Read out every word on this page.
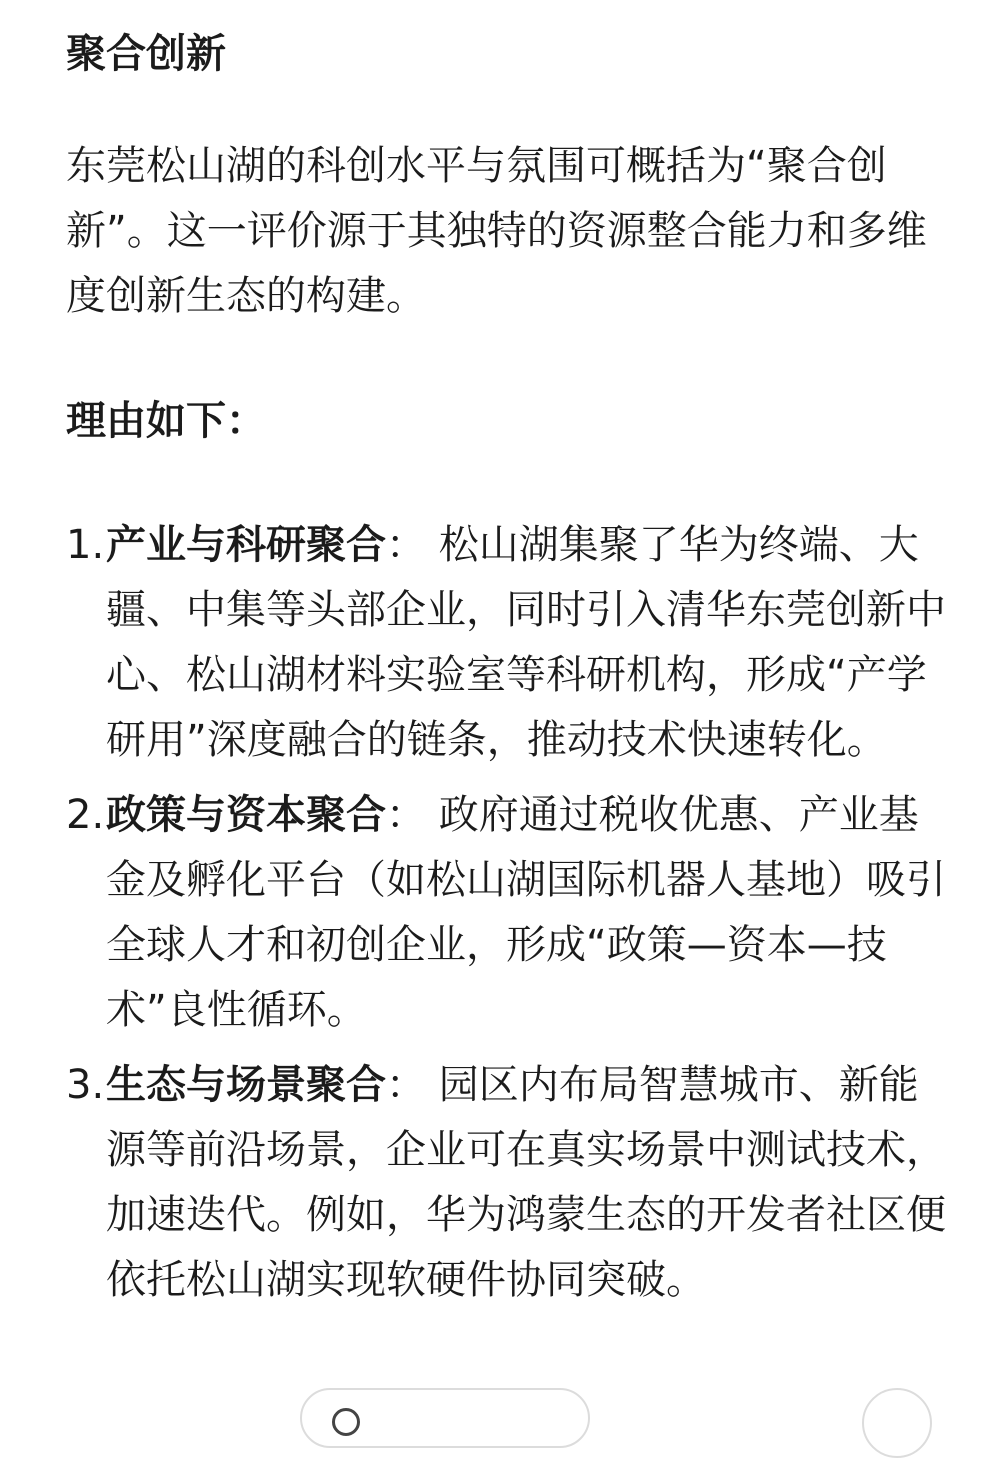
聚合创新

东莞松山湖的科创水平与氛围可概括为“聚合创新”。这一评价源于其独特的资源整合能力和多维度创新生态的构建。

理由如下：
1. 产业与科研聚合： 松山湖集聚了华为终端、大疆、中集等头部企业，同时引入清华东莞创新中心、松山湖材料实验室等科研机构，形成“产学研用”深度融合的链条，推动技术快速转化。
2. 政策与资本聚合： 政府通过税收优惠、产业基金及孵化平台（如松山湖国际机器人基地）吸引全球人才和初创企业，形成“政策—资本—技术”良性循环。
3. 生态与场景聚合： 园区内布局智慧城市、新能源等前沿场景，企业可在真实场景中测试技术，加速迭代。例如，华为鸿蒙生态的开发者社区便依托松山湖实现软硬件协同突破。
